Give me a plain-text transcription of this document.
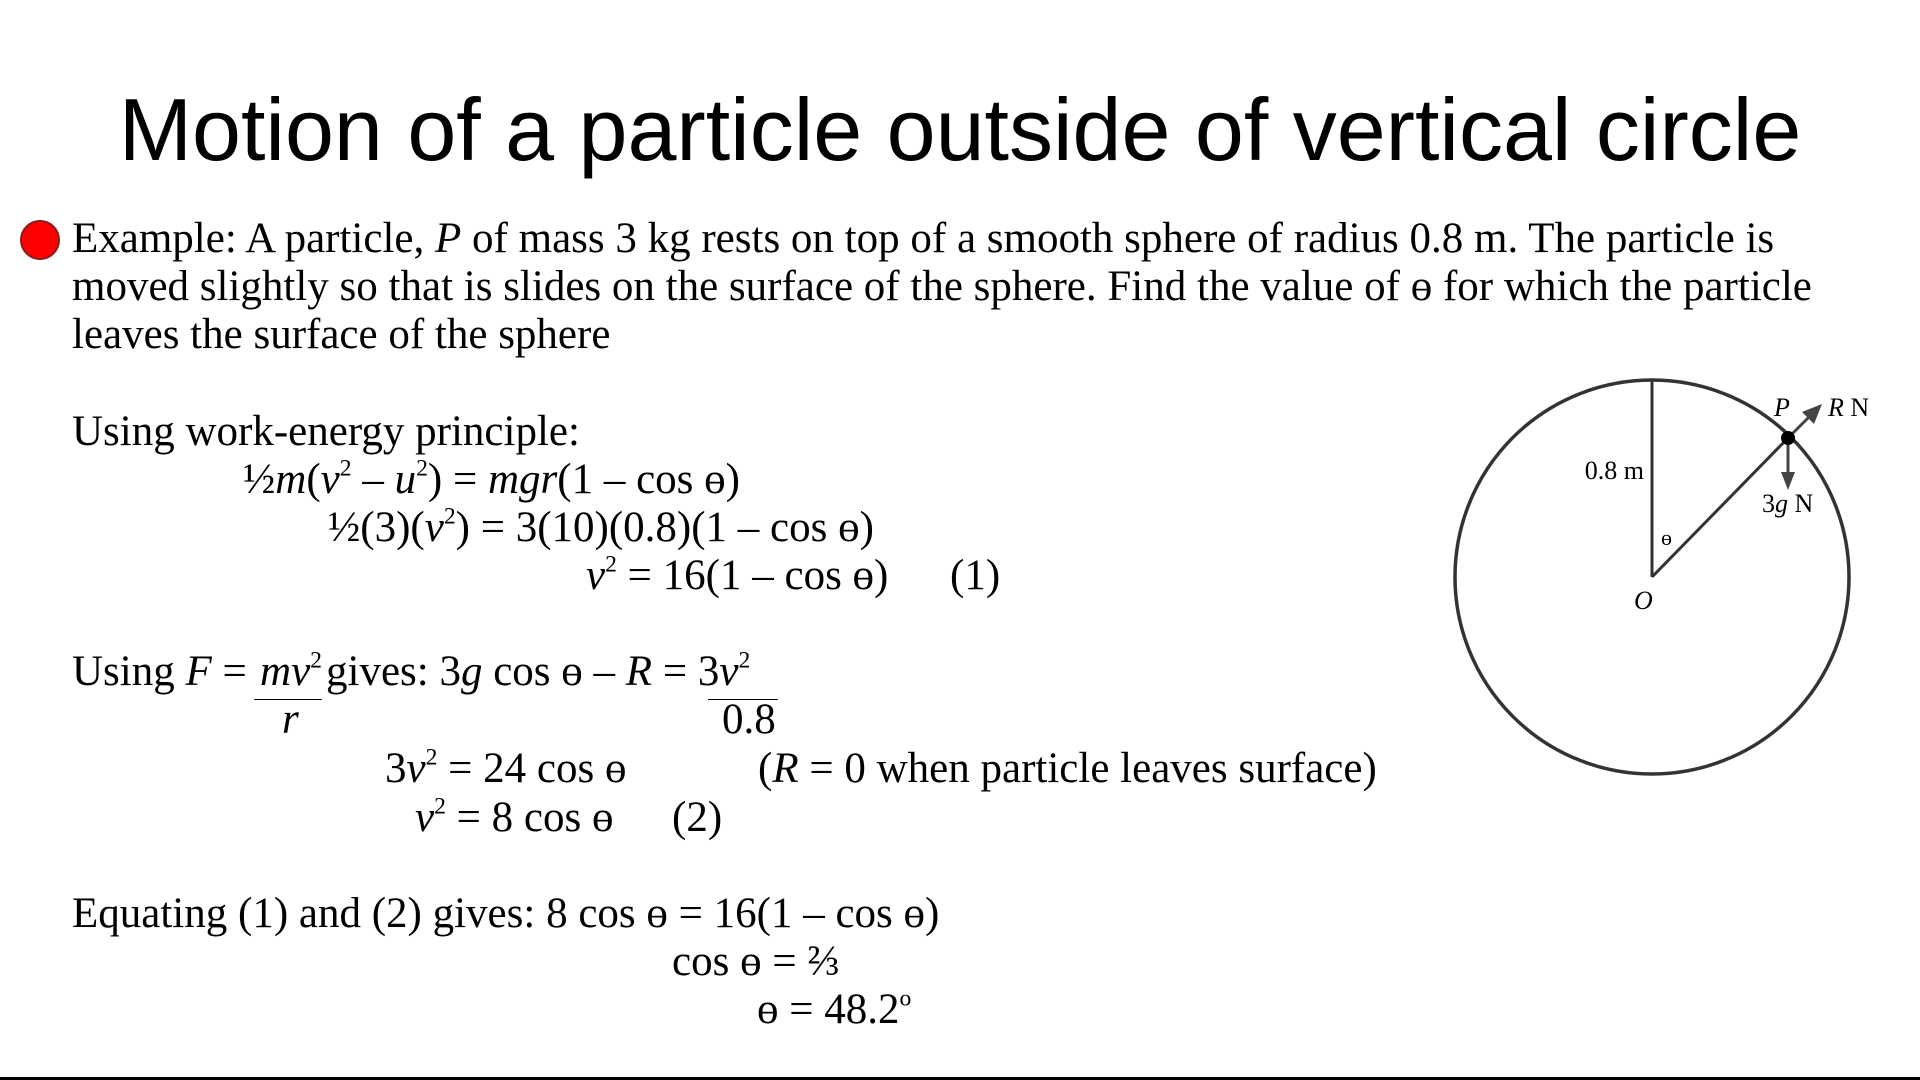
Motion of a particle outside of vertical circle
Example: A particle, P of mass 3 kg rests on top of a smooth sphere of radius 0.8 m. The particle is
moved slightly so that is slides on the surface of the sphere. Find the value of ɵ for which the particle
leaves the surface of the sphere
Using work-energy principle:
$\frac{1}{2}m(v^2 - u^2) = mgr(1 - \cos$ ɵ)
$\frac{1}{2}(3)(v^2) = 3(10)(0.8)(1 - \cos$ ɵ)
$v^2 = 16(1 - \cos$ ɵ) (1)
Using $F = mv^2$ gives: 3g cos ɵ – $R = 3v^2$
r	0.8
$3v^2 = 24$ cos ɵ	(R = 0 when particle leaves surface)
$v^2 = 8$ cos ɵ (2)
Equating (1) and (2) gives: 8 cos ɵ = 16(1 – cos ɵ)
cos ɵ = ⅔
ɵ = $48.2^o$
0.8 m
ɵ
O
P R N
3g N
